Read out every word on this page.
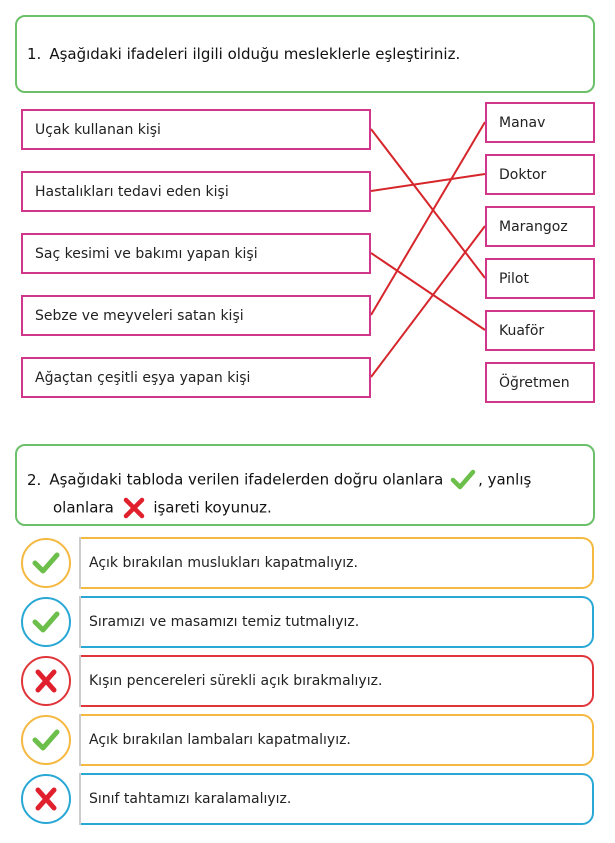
1. Aşağıdaki ifadeleri ilgili olduğu mesleklerle eşleştiriniz.
Uçak kullanan kişi
Hastalıkları tedavi eden kişi
Saç kesimi ve bakımı yapan kişi
Sebze ve meyveleri satan kişi
Ağaçtan çeşitli eşya yapan kişi
Manav
Doktor
Marangoz
Pilot
Kuaför
Öğretmen
2. Aşağıdaki tabloda verilen ifadelerden doğru olanlara , yanlış
olanlara	işareti koyunuz.
Açık bırakılan muslukları kapatmalıyız.
Sıramızı ve masamızı temiz tutmalıyız.
Kışın pencereleri sürekli açık bırakmalıyız.
Açık bırakılan lambaları kapatmalıyız.
Sınıf tahtamızı karalamalıyız.
